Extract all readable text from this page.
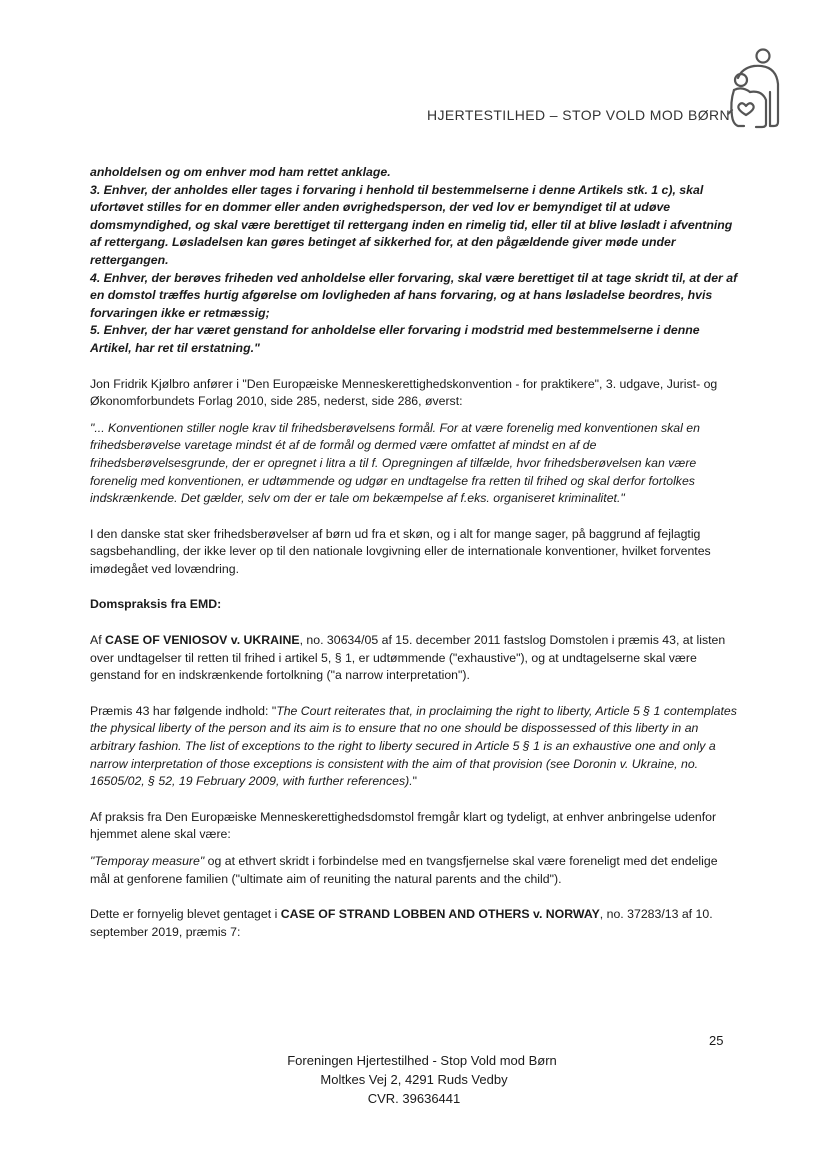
HJERTESTILHED – STOP VOLD MOD BØRN

anholdelsen og om enhver mod ham rettet anklage.

3. Enhver, der anholdes eller tages i forvaring i henhold til bestemmelserne i denne Artikels stk. 1 c), skal ufortøvet stilles for en dommer eller anden øvrighedsperson, der ved lov er bemyndiget til at udøve domsmyndighed, og skal være berettiget til rettergang inden en rimelig tid, eller til at blive løsladt i afventning af rettergang. Løsladelsen kan gøres betinget af sikkerhed for, at den pågældende giver møde under rettergangen.

4. Enhver, der berøves friheden ved anholdelse eller forvaring, skal være berettiget til at tage skridt til, at der af en domstol træffes hurtig afgørelse om lovligheden af hans forvaring, og at hans løsladelse beordres, hvis forvaringen ikke er retmæssig;

5. Enhver, der har været genstand for anholdelse eller forvaring i modstrid med bestemmelserne i denne Artikel, har ret til erstatning."

Jon Fridrik Kjølbro anfører i "Den Europæiske Menneskerettighedskonvention - for praktikere", 3. udgave, Jurist- og Økonomforbundets Forlag 2010, side 285, nederst, side 286, øverst:

"... Konventionen stiller nogle krav til frihedsberøvelsens formål. For at være forenelig med konventionen skal en frihedsberøvelse varetage mindst ét af de formål og dermed være omfattet af mindst en af de frihedsberøvelsesgrunde, der er opregnet i litra a til f. Opregningen af tilfælde, hvor frihedsberøvelsen kan være forenelig med konventionen, er udtømmende og udgør en undtagelse fra retten til frihed og skal derfor fortolkes indskrænkende. Det gælder, selv om der er tale om bekæmpelse af f.eks. organiseret kriminalitet."

I den danske stat sker frihedsberøvelser af børn ud fra et skøn, og i alt for mange sager, på baggrund af fejlagtig sagsbehandling, der ikke lever op til den nationale lovgivning eller de internationale konventioner, hvilket forventes imødegået ved lovændring.

Domspraksis fra EMD:

Af CASE OF VENIOSOV v. UKRAINE, no. 30634/05 af 15. december 2011 fastslog Domstolen i præmis 43, at listen over undtagelser til retten til frihed i artikel 5, § 1, er udtømmende ("exhaustive"), og at undtagelserne skal være genstand for en indskrænkende fortolkning ("a narrow interpretation").

Præmis 43 har følgende indhold: "The Court reiterates that, in proclaiming the right to liberty, Article 5 § 1 contemplates the physical liberty of the person and its aim is to ensure that no one should be dispossessed of this liberty in an arbitrary fashion. The list of exceptions to the right to liberty secured in Article 5 § 1 is an exhaustive one and only a narrow interpretation of those exceptions is consistent with the aim of that provision (see Doronin v. Ukraine, no. 16505/02, § 52, 19 February 2009, with further references)."

Af praksis fra Den Europæiske Menneskerettighedsdomstol fremgår klart og tydeligt, at enhver anbringelse udenfor hjemmet alene skal være:

"Temporay measure" og at ethvert skridt i forbindelse med en tvangsfjernelse skal være foreneligt med det endelige mål at genforene familien ("ultimate aim of reuniting the natural parents and the child").

Dette er fornyelig blevet gentaget i CASE OF STRAND LOBBEN AND OTHERS v. NORWAY, no. 37283/13 af 10. september 2019, præmis 7:

25
Foreningen Hjertestilhed - Stop Vold mod Børn
Moltkes Vej 2, 4291 Ruds Vedby
CVR. 39636441
